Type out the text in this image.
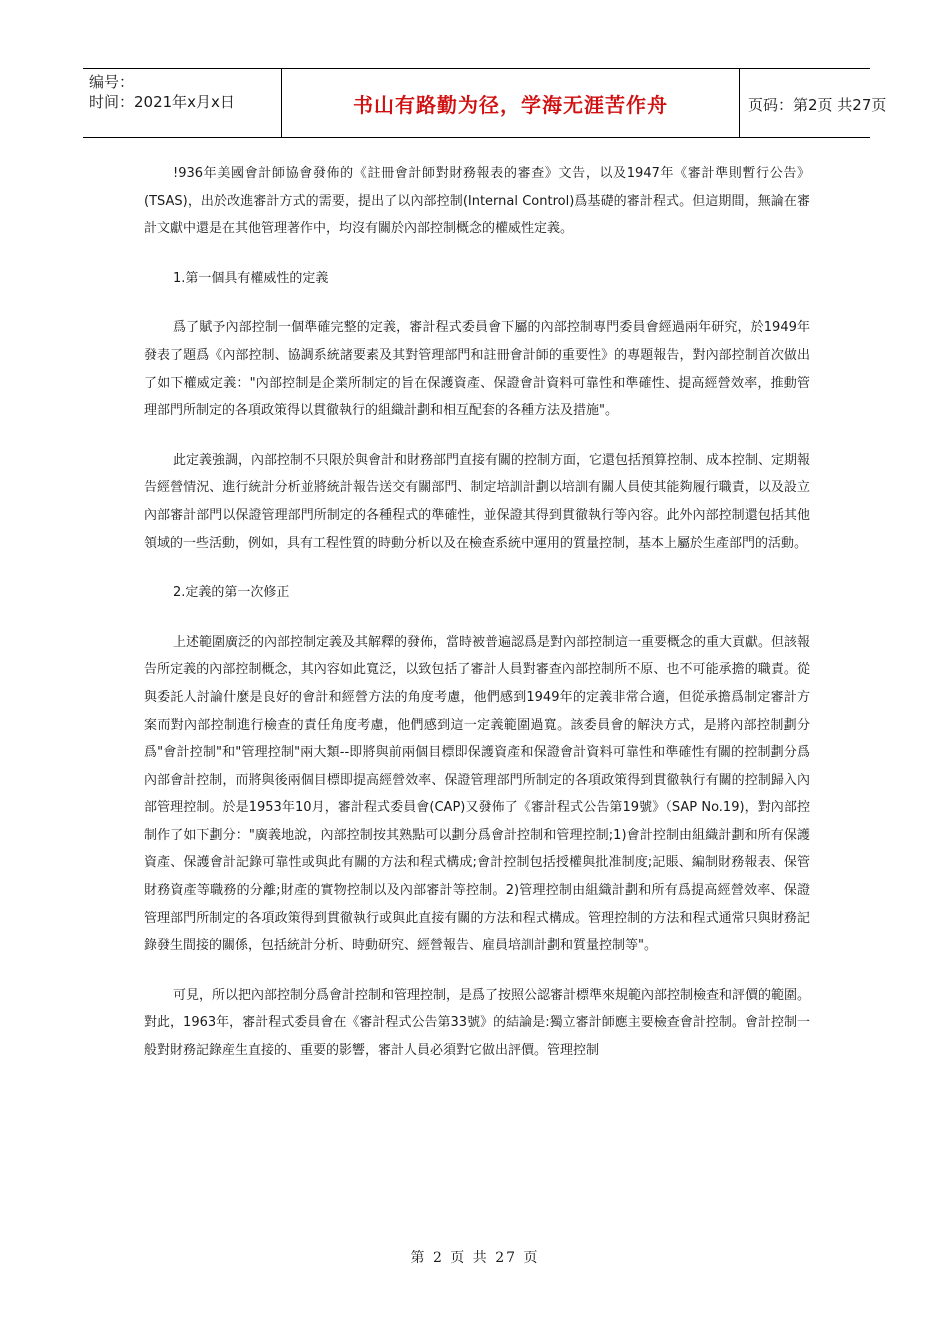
编号：
时间：2021年x月x日	书山有路勤为径，学海无涯苦作舟	页码：第2页 共27页

!936年美國會計師協會發佈的《註冊會計師對財務報表的審查》文告，以及1947年《審計準則暫行公告》(TSAS)，出於改進審計方式的需要，提出了以內部控制(Internal Control)爲基礎的審計程式。但這期間，無論在審計文獻中還是在其他管理著作中，均沒有關於內部控制概念的權威性定義。

1.第一個具有權威性的定義

爲了賦予內部控制一個準確完整的定義，審計程式委員會下屬的內部控制專門委員會經過兩年研究，於1949年發表了題爲《內部控制、協調系統諸要素及其對管理部門和註冊會計師的重要性》的專題報告，對內部控制首次做出了如下權威定義："內部控制是企業所制定的旨在保護資產、保證會計資料可靠性和準確性、提高經營效率，推動管理部門所制定的各項政策得以貫徹執行的組織計劃和相互配套的各種方法及措施"。

此定義強調，內部控制不只限於與會計和財務部門直接有關的控制方面，它還包括預算控制、成本控制、定期報告經營情況、進行統計分析並將統計報告送交有關部門、制定培訓計劃以培訓有關人員使其能夠履行職責，以及設立內部審計部門以保證管理部門所制定的各種程式的準確性，並保證其得到貫徹執行等內容。此外內部控制還包括其他領域的一些活動，例如，具有工程性質的時動分析以及在檢查系統中運用的質量控制，基本上屬於生產部門的活動。

2.定義的第一次修正

上述範圍廣泛的內部控制定義及其解釋的發佈，當時被普遍認爲是對內部控制這一重要概念的重大貢獻。但該報告所定義的內部控制概念，其內容如此寬泛，以致包括了審計人員對審查內部控制所不原、也不可能承擔的職責。從與委託人討論什麼是良好的會計和經營方法的角度考慮，他們感到1949年的定義非常合適，但從承擔爲制定審計方案而對內部控制進行檢查的責任角度考慮，他們感到這一定義範圍過寬。該委員會的解決方式，是將內部控制劃分爲"會計控制"和"管理控制"兩大類--即將與前兩個目標即保護資產和保證會計資料可靠性和準確性有關的控制劃分爲內部會計控制，而將與後兩個目標即提高經營效率、保證管理部門所制定的各項政策得到貫徹執行有關的控制歸入內部管理控制。於是1953年10月，審計程式委員會(CAP)又發佈了《審計程式公告第19號》（SAP No.19)，對內部控制作了如下劃分："廣義地說，內部控制按其熟點可以劃分爲會計控制和管理控制;1)會計控制由組織計劃和所有保護資產、保護會計記錄可靠性或與此有關的方法和程式構成;會計控制包括授權與批准制度;記賬、編制財務報表、保管財務資產等職務的分離;財產的實物控制以及內部審計等控制。2)管理控制由組織計劃和所有爲提高經營效率、保證管理部門所制定的各項政策得到貫徹執行或與此直接有關的方法和程式構成。管理控制的方法和程式通常只與財務記錄發生間接的關係，包括統計分析、時動研究、經營報告、雇員培訓計劃和質量控制等"。

可見，所以把內部控制分爲會計控制和管理控制，是爲了按照公認審計標準來規範內部控制檢查和評價的範圍。對此，1963年，審計程式委員會在《審計程式公告第33號》的結論是:獨立審計師應主要檢查會計控制。會計控制一般對財務記錄産生直接的、重要的影響，審計人員必須對它做出評價。管理控制

第 2 页 共 27 页
